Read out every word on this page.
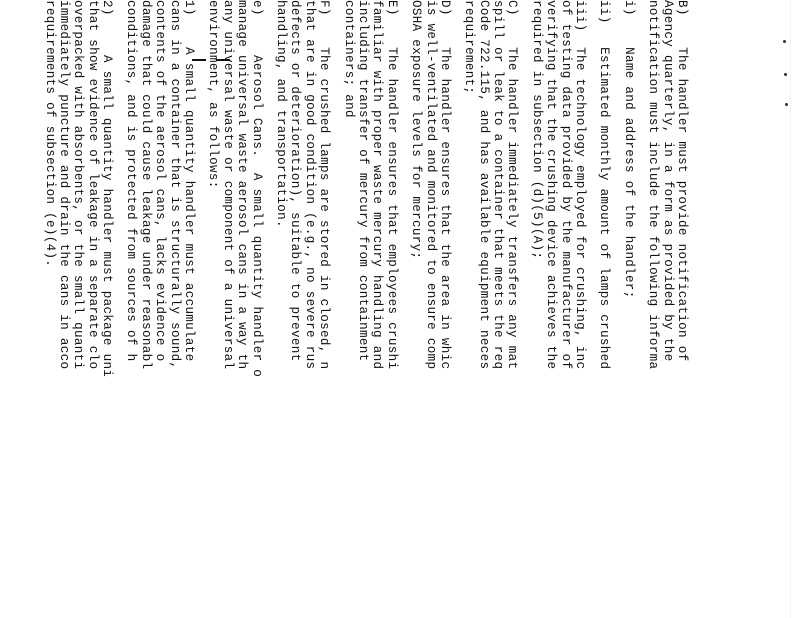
B)    The handler must provide notification of
Agency quarterly, in a form as provided by the
notification must include the following informa
i)    Name and address of the handler;
ii)   Estimated monthly amount of lamps crushed
iii)  The technology employed for crushing, inc
of testing data provided by the manufacturer of
verifying that the crushing device achieves the
required in subsection (d)(5)(A);
C)    The handler immediately transfers any mat
spill or leak to a container that meets the req
Code 722.115, and has available equipment neces
requirement;
D)    The handler ensures that the area in whic
is well-ventilated and monitored to ensure comp
OSHA exposure levels for mercury;
E)    The handler ensures that employees crushi
familiar with proper waste mercury handling and
including transfer of mercury from containment
containers; and
F)    The crushed lamps are stored in closed, n
that are in good condition (e.g., no severe rus
defects or deterioration), suitable to prevent
handling, and transportation.
e)     Aerosol Cans.  A small quantity handler o
manage universal waste aerosol cans in a way th
any universal waste or component of a universal
environment, as follows:
1)    A small quantity handler must accumulate
cans in a container that is structurally sound,
contents of the aerosol cans, lacks evidence o
damage that could cause leakage under reasonabl
conditions, and is protected from sources of h
2)     A small quantity handler must package uni
that show evidence of leakage in a separate clo
overpacked with absorbents, or the small quanti
immediately puncture and drain the cans in acco
requirements of subsection (e)(4).
